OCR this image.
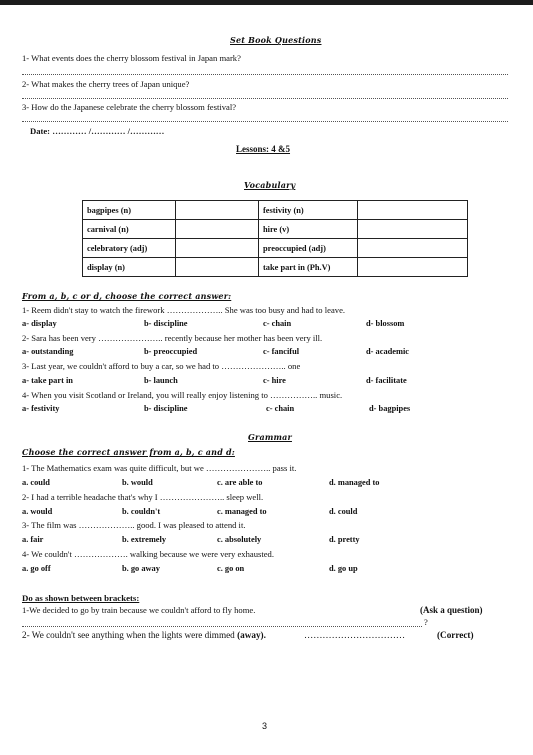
Set Book Questions
1- What events does the cherry blossom festival in Japan mark?
2- What makes the cherry trees of Japan unique?
3- How do the Japanese celebrate the cherry blossom festival?
Date: ………… /………… /…………
Lessons: 4 &5
Vocabulary
bagpipes (n)		festivity (n)	
carnival (n)		hire (v)	
celebratory (adj)		preoccupied (adj)	
display (n)		take part in (Ph.V)	
From a, b, c or d, choose the correct answer:
1- Reem didn't stay to watch the firework ……………….. She was too busy and had to leave.
a- display	b- discipline	c- chain	d- blossom
2- Sara has been very ………………….. recently because her mother has been very ill.
a- outstanding	b- preoccupied	c- fanciful	d- academic
3- Last year, we couldn't afford to buy a car, so we had to ………………….. one
a- take part in	b- launch	c- hire	d- facilitate
4- When you visit Scotland or Ireland, you will really enjoy listening to …………….. music.
a- festivity	b- discipline	c- chain	d- bagpipes
Grammar
Choose the correct answer from a, b, c and d:
1- The Mathematics exam was quite difficult, but we ………………….. pass it.
a. could	b. would	c. are able to	d. managed to
2- I had a terrible headache that's why I ………………….. sleep well.
a. would	b. couldn't	c. managed to	d. could
3- The film was ……………….. good. I was pleased to attend it.
a. fair	b. extremely	c. absolutely	d. pretty
4- We couldn't ………………. walking because we were very exhausted.
a. go off	b. go away	c. go on	d. go up
Do as shown between brackets:
1-We decided to go by train because we couldn't afford to fly home.	(Ask a question)
?
2- We couldn't see anything when the lights were dimmed (away).	……………………………	(Correct)
3
